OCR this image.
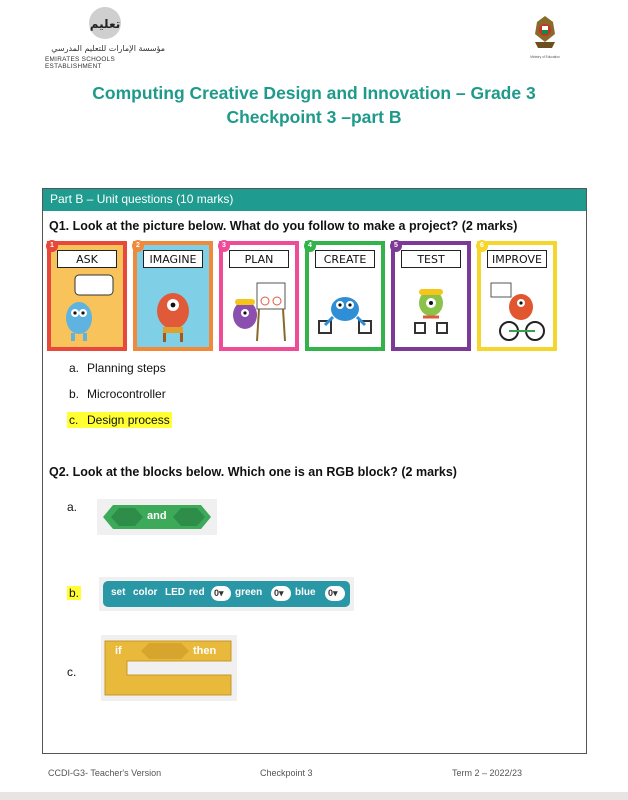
تعليم
مؤسسة الإمارات للتعليم المدرسي
EMIRATES SCHOOLS ESTABLISHMENT
Ministry of Education
Computing Creative Design and Innovation – Grade 3
Checkpoint 3 –part B
Part B – Unit questions (10 marks)
Q1. Look at the picture below. What do you follow to make a project? (2 marks)
1
ASK
2
IMAGINE
3
PLAN
4
CREATE
5
TEST
6
IMPROVE
a. Planning steps
b. Microcontroller
c. Design process
Q2. Look at the blocks below. Which one is an RGB block? (2 marks)
a.
and
b.	set color LED red	0▾	green	0▾	blue	0▾
c.
if	then
CCDI-G3- Teacher's Version	Checkpoint 3	Term 2 – 2022/23
